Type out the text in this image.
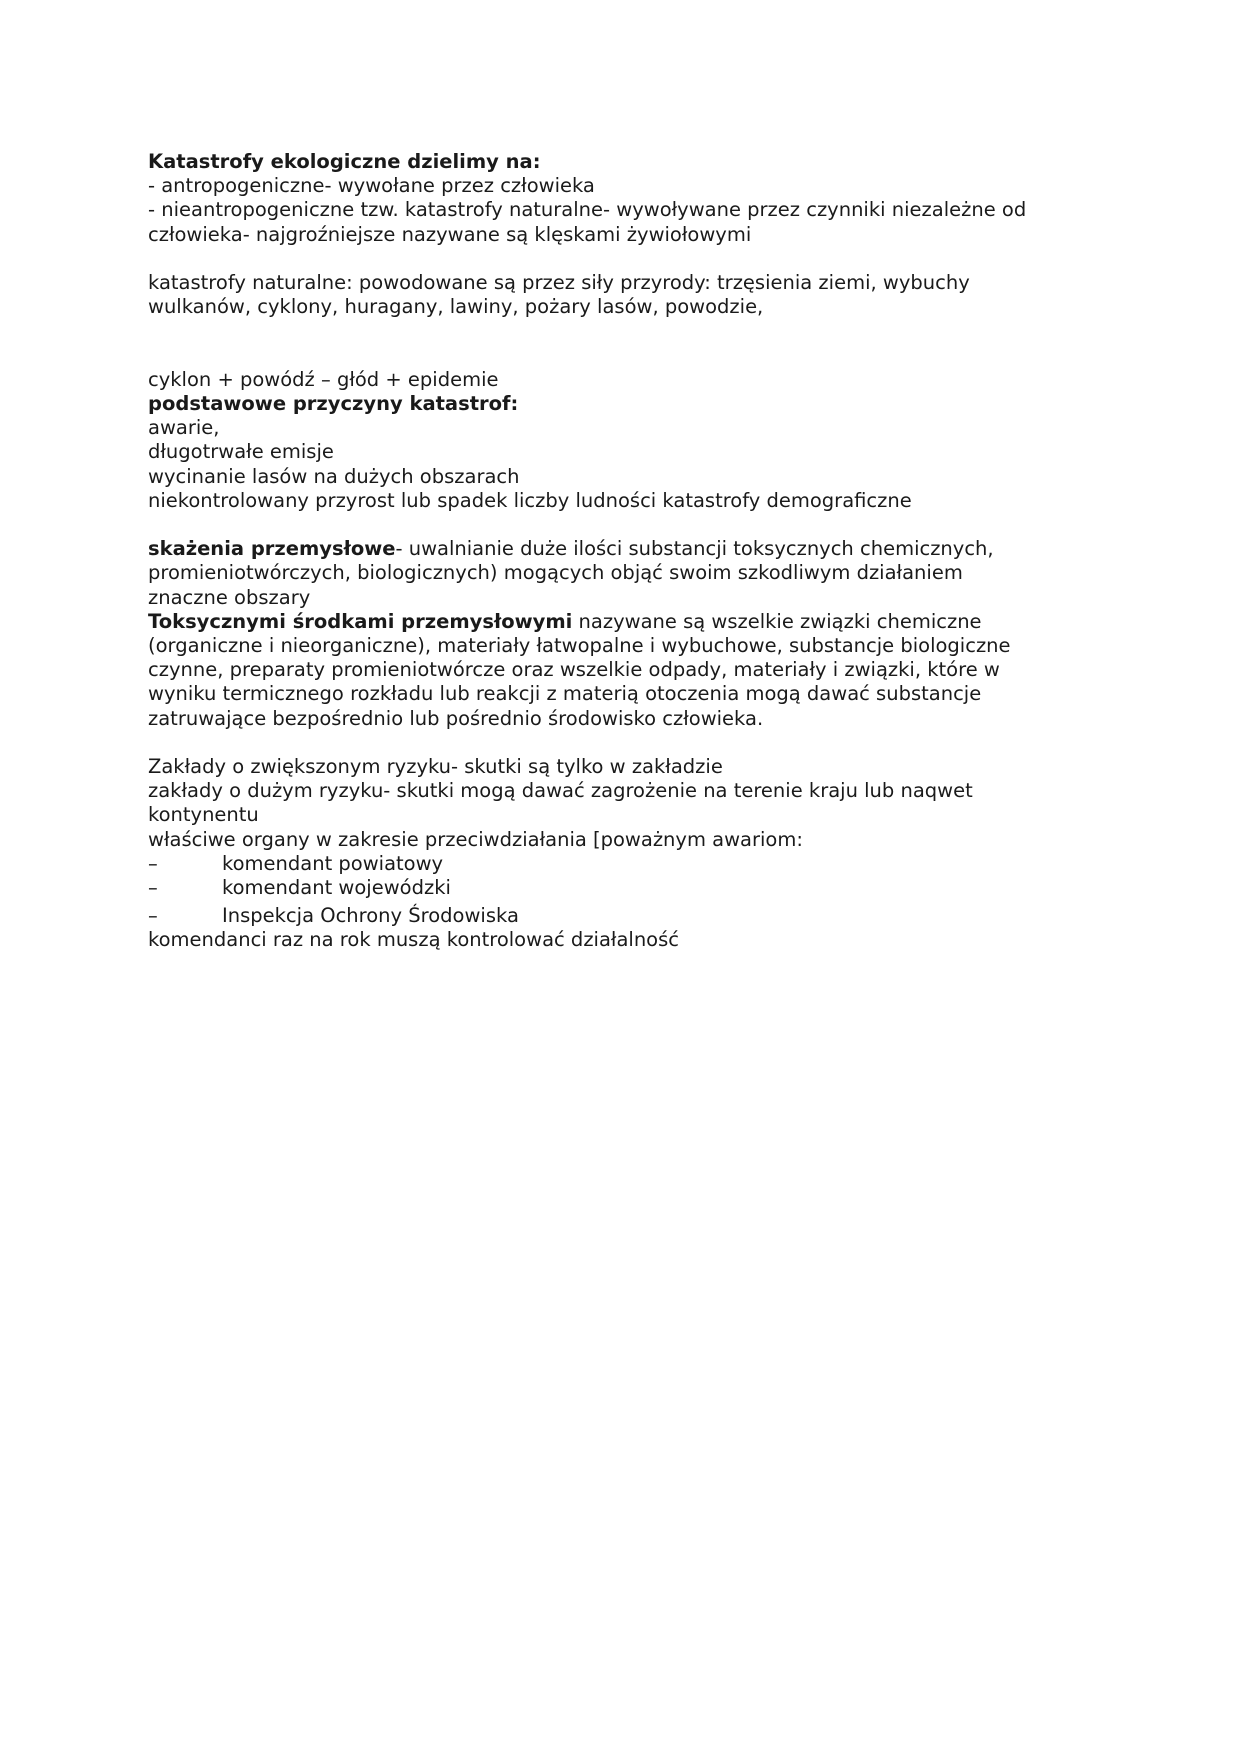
Katastrofy ekologiczne dzielimy na:

- antropogeniczne- wywołane przez człowieka

- nieantropogeniczne tzw. katastrofy naturalne- wywoływane przez czynniki niezależne od

człowieka- najgroźniejsze nazywane są klęskami żywiołowymi

katastrofy naturalne: powodowane są przez siły przyrody: trzęsienia ziemi, wybuchy

wulkanów, cyklony, huragany, lawiny, pożary lasów, powodzie,

cyklon + powódź – głód + epidemie

podstawowe przyczyny katastrof:

awarie,

długotrwałe emisje

wycinanie lasów na dużych obszarach

niekontrolowany przyrost lub spadek liczby ludności katastrofy demograficzne

skażenia przemysłowe- uwalnianie duże ilości substancji toksycznych chemicznych,

promieniotwórczych, biologicznych) mogących objąć swoim szkodliwym działaniem

znaczne obszary

Toksycznymi środkami przemysłowymi nazywane są wszelkie związki chemiczne

(organiczne i nieorganiczne), materiały łatwopalne i wybuchowe, substancje biologiczne

czynne, preparaty promieniotwórcze oraz wszelkie odpady, materiały i związki, które w

wyniku termicznego rozkładu lub reakcji z materią otoczenia mogą dawać substancje

zatruwające bezpośrednio lub pośrednio środowisko człowieka.

Zakłady o zwiększonym ryzyku- skutki są tylko w zakładzie

zakłady o dużym ryzyku- skutki mogą dawać zagrożenie na terenie kraju lub naqwet

kontynentu

właściwe organy w zakresie przeciwdziałania [poważnym awariom:

–	komendant powiatowy
–	komendant wojewódzki
–	Inspekcja Ochrony Środowiska

komendanci raz na rok muszą kontrolować działalność
